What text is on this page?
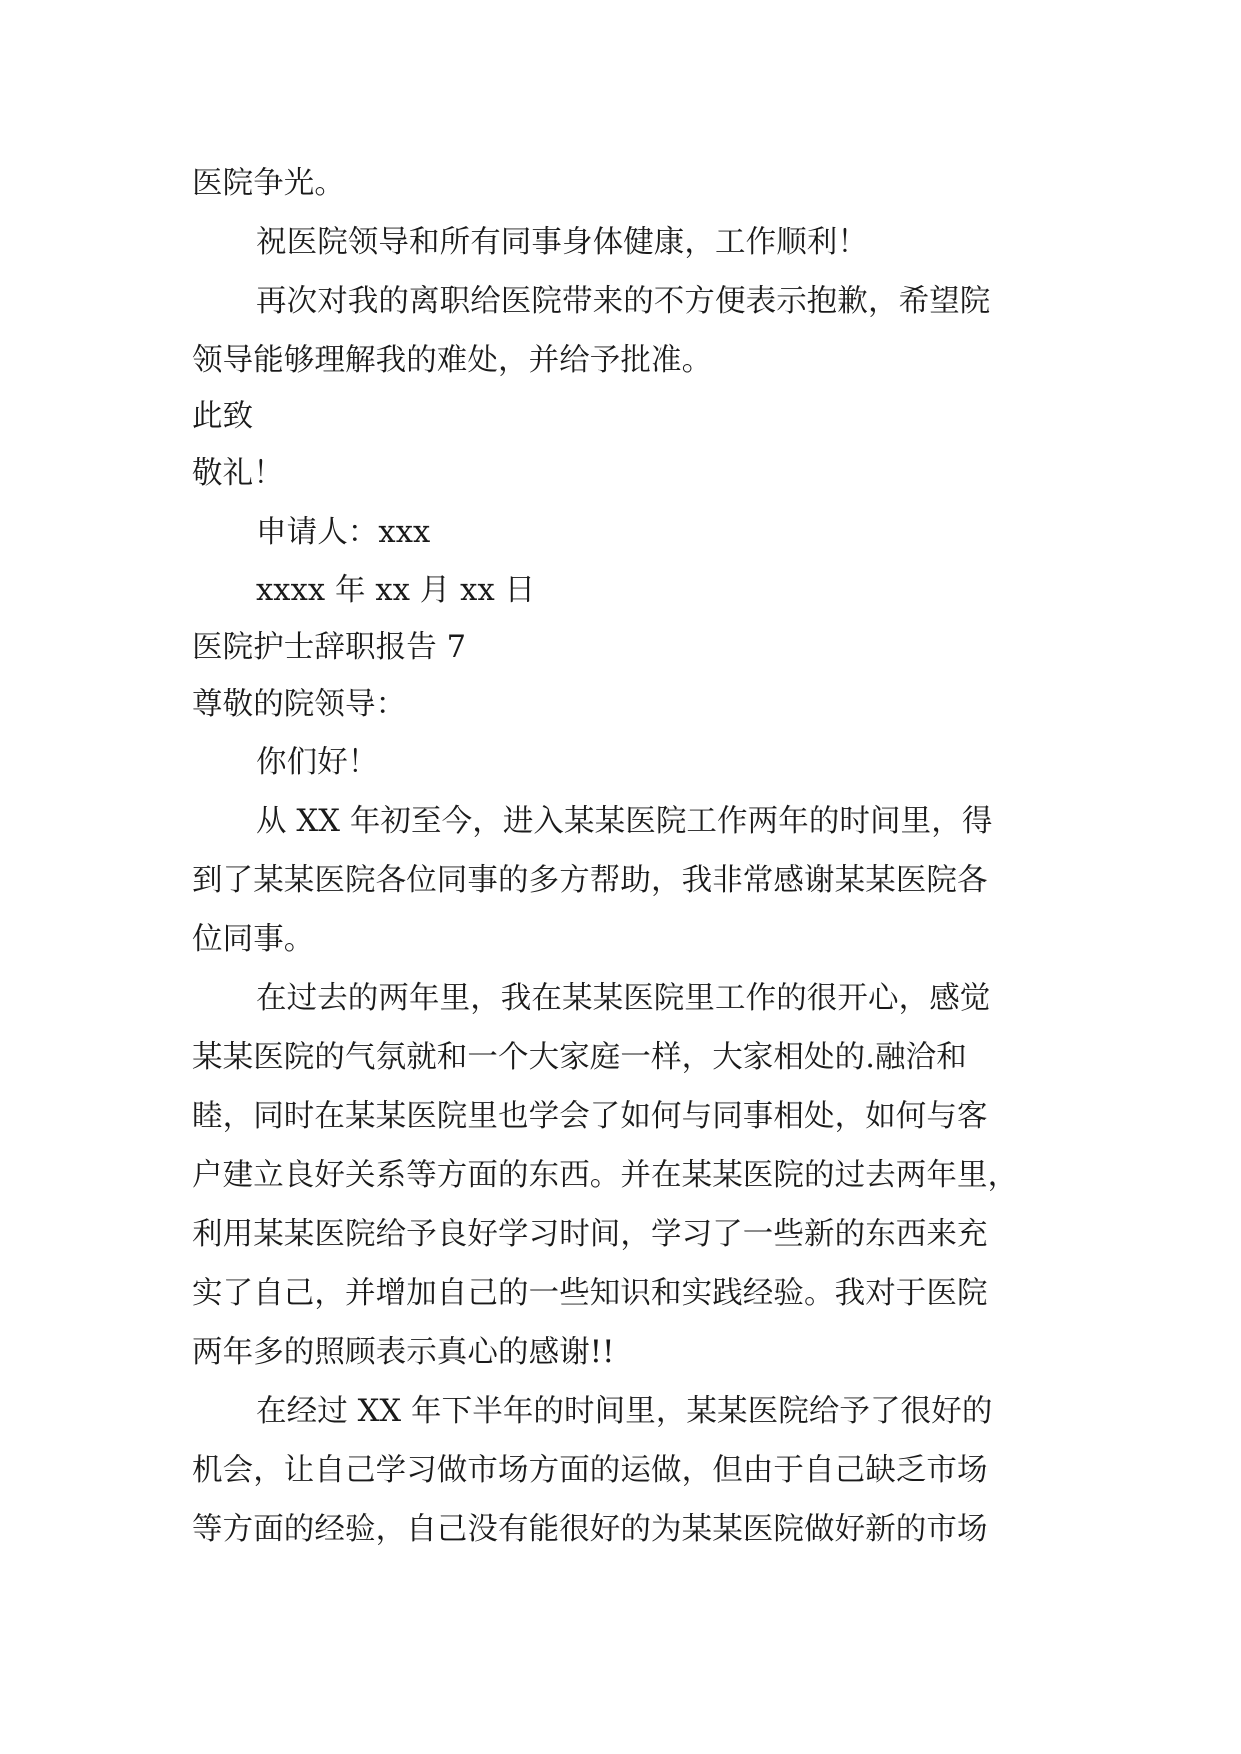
医院争光。
祝医院领导和所有同事身体健康，工作顺利！
再次对我的离职给医院带来的不方便表示抱歉，希望院
领导能够理解我的难处，并给予批准。
此致
敬礼！
申请人：xxx
xxxx 年 xx 月 xx 日
医院护士辞职报告 7
尊敬的院领导：
你们好！
从 XX 年初至今，进入某某医院工作两年的时间里，得
到了某某医院各位同事的多方帮助，我非常感谢某某医院各
位同事。
在过去的两年里，我在某某医院里工作的很开心，感觉
某某医院的气氛就和一个大家庭一样，大家相处的.融洽和
睦，同时在某某医院里也学会了如何与同事相处，如何与客
户建立良好关系等方面的东西。并在某某医院的过去两年里，
利用某某医院给予良好学习时间，学习了一些新的东西来充
实了自己，并增加自己的一些知识和实践经验。我对于医院
两年多的照顾表示真心的感谢!!
在经过 XX 年下半年的时间里，某某医院给予了很好的
机会，让自己学习做市场方面的运做，但由于自己缺乏市场
等方面的经验，自己没有能很好的为某某医院做好新的市场
